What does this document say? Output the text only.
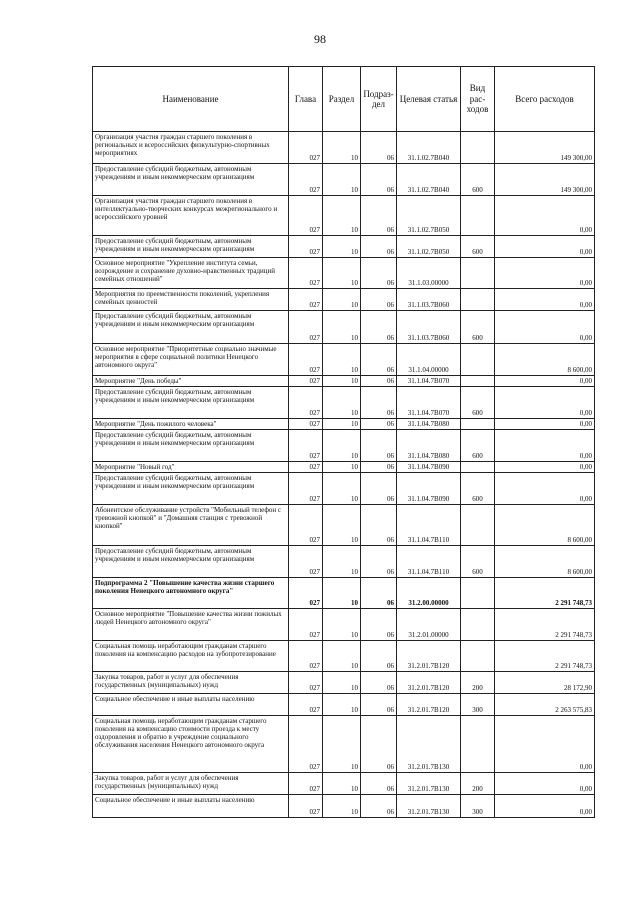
98
Наименование	Глава	Раздел	Подраз-дел	Целевая статья	Вид рас-ходов	Всего расходов
Организация участия граждан старшего поколения в региональных и всероссийских физкультурно-спортивных мероприятиях	027	10	06	31.1.02.7В040		149 300,00
Предоставление субсидий бюджетным, автономным учреждениям и иным некоммерческим организациям	027	10	06	31.1.02.7В040	600	149 300,00
Организация участия граждан старшего поколения в интеллектуально-творческих конкурсах межрегионального и всероссийского уровней	027	10	06	31.1.02.7В050		0,00
Предоставление субсидий бюджетным, автономным учреждениям и иным некоммерческим организациям	027	10	06	31.1.02.7В050	600	0,00
Основное мероприятие "Укрепление института семьи, возрождение и сохранение духовно-нравственных традиций семейных отношений"	027	10	06	31.1.03.00000		0,00
Мероприятия по преемственности поколений, укрепления семейных ценностей	027	10	06	31.1.03.7В060		0,00
Предоставление субсидий бюджетным, автономным учреждениям и иным некоммерческим организациям	027	10	06	31.1.03.7В060	600	0,00
Основное мероприятие "Приоритетные социально значимые мероприятия в сфере социальной политики Ненецкого автономного округа"	027	10	06	31.1.04.00000		8 600,00
Мероприятие "День победы"	027	10	06	31.1.04.7В070		0,00
Предоставление субсидий бюджетным, автономным учреждениям и иным некоммерческим организациям	027	10	06	31.1.04.7В070	600	0,00
Мероприятие "День пожилого человека"	027	10	06	31.1.04.7В080		0,00
Предоставление субсидий бюджетным, автономным учреждениям и иным некоммерческим организациям	027	10	06	31.1.04.7В080	600	0,00
Мероприятие "Новый год"	027	10	06	31.1.04.7В090		0,00
Предоставление субсидий бюджетным, автономным учреждениям и иным некоммерческим организациям	027	10	06	31.1.04.7В090	600	0,00
Абонентское обслуживание устройств "Мобильный телефон с тревожной кнопкой" и "Домашняя станция с тревожной кнопкой"	027	10	06	31.1.04.7В110		8 600,00
Предоставление субсидий бюджетным, автономным учреждениям и иным некоммерческим организациям	027	10	06	31.1.04.7В110	600	8 600,00
Подпрограмма 2 "Повышение качества жизни старшего поколения Ненецкого автономного округа"	027	10	06	31.2.00.00000		2 291 748,73
Основное мероприятие "Повышение качества жизни пожилых людей Ненецкого автономного округа"	027	10	06	31.2.01.00000		2 291 748,73
Социальная помощь неработающим гражданам старшего поколения на компенсацию расходов на зубопротезирование	027	10	06	31.2.01.7В120		2 291 748,73
Закупка товаров, работ и услуг для обеспечения государственных (муниципальных) нужд	027	10	06	31.2.01.7В120	200	28 172,90
Социальное обеспечение и иные выплаты населению	027	10	06	31.2.01.7В120	300	2 263 575,83
Социальная помощь неработающим гражданам старшего поколения на компенсацию стоимости проезда к месту оздоровления и обратно в учреждение социального обслуживания населения Ненецкого автономного округа	027	10	06	31.2.01.7В130		0,00
Закупка товаров, работ и услуг для обеспечения государственных (муниципальных) нужд	027	10	06	31.2.01.7В130	200	0,00
Социальное обеспечение и иные выплаты населению	027	10	06	31.2.01.7В130	300	0,00
